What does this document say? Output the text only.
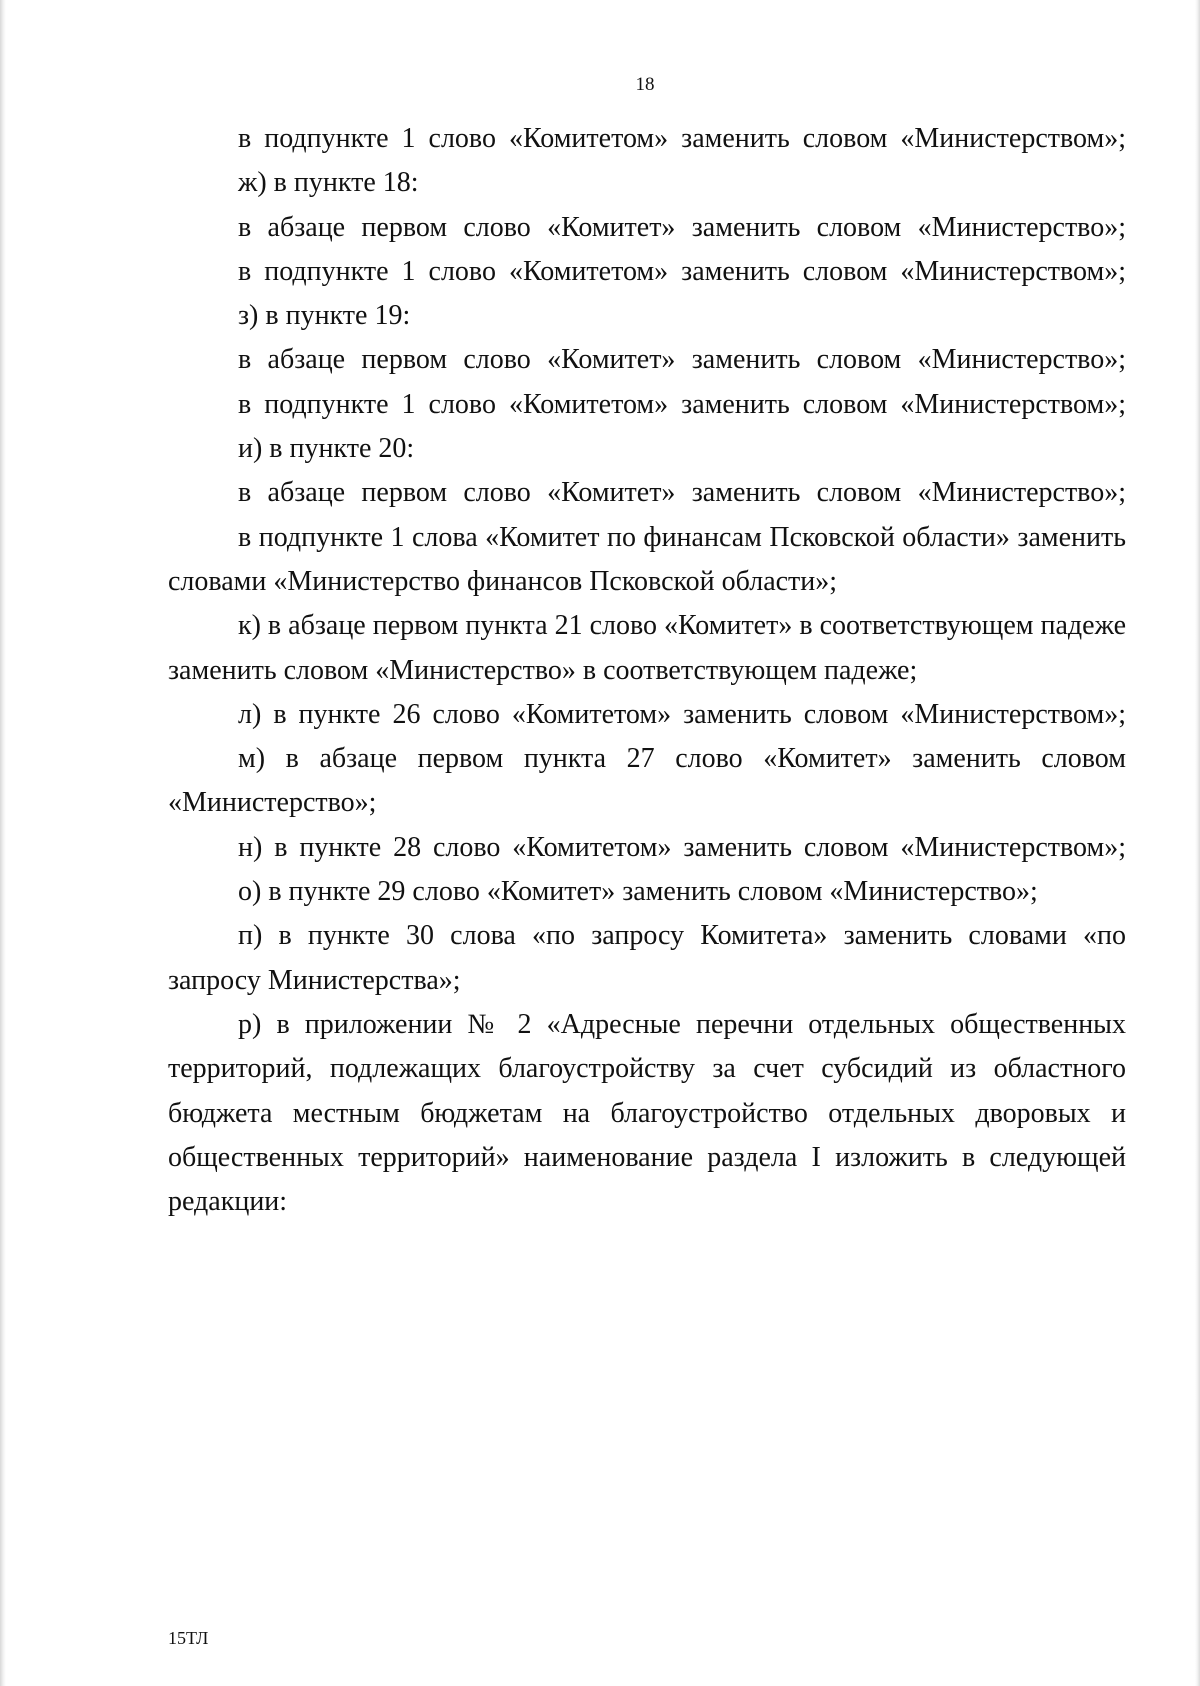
18

в подпункте 1 слово «Комитетом» заменить словом «Министерством»;

ж) в пункте 18:

в абзаце первом слово «Комитет» заменить словом «Министерство»;

в подпункте 1 слово «Комитетом» заменить словом «Министерством»;

з) в пункте 19:

в абзаце первом слово «Комитет» заменить словом «Министерство»;

в подпункте 1 слово «Комитетом» заменить словом «Министерством»;

и) в пункте 20:

в абзаце первом слово «Комитет» заменить словом «Министерство»;

в подпункте 1 слова «Комитет по финансам Псковской области» заменить словами «Министерство финансов Псковской области»;

к) в абзаце первом пункта 21 слово «Комитет» в соответствующем падеже заменить словом «Министерство» в соответствующем падеже;

л) в пункте 26 слово «Комитетом» заменить словом «Министерством»;

м) в абзаце первом пункта 27 слово «Комитет» заменить словом «Министерство»;

н) в пункте 28 слово «Комитетом» заменить словом «Министерством»;

о) в пункте 29 слово «Комитет» заменить словом «Министерство»;

п) в пункте 30 слова «по запросу Комитета» заменить словами «по запросу Министерства»;

р) в приложении № 2 «Адресные перечни отдельных общественных территорий, подлежащих благоустройству за счет субсидий из областного бюджета местным бюджетам на благоустройство отдельных дворовых и общественных территорий» наименование раздела I изложить в следующей редакции:

15ТЛ
